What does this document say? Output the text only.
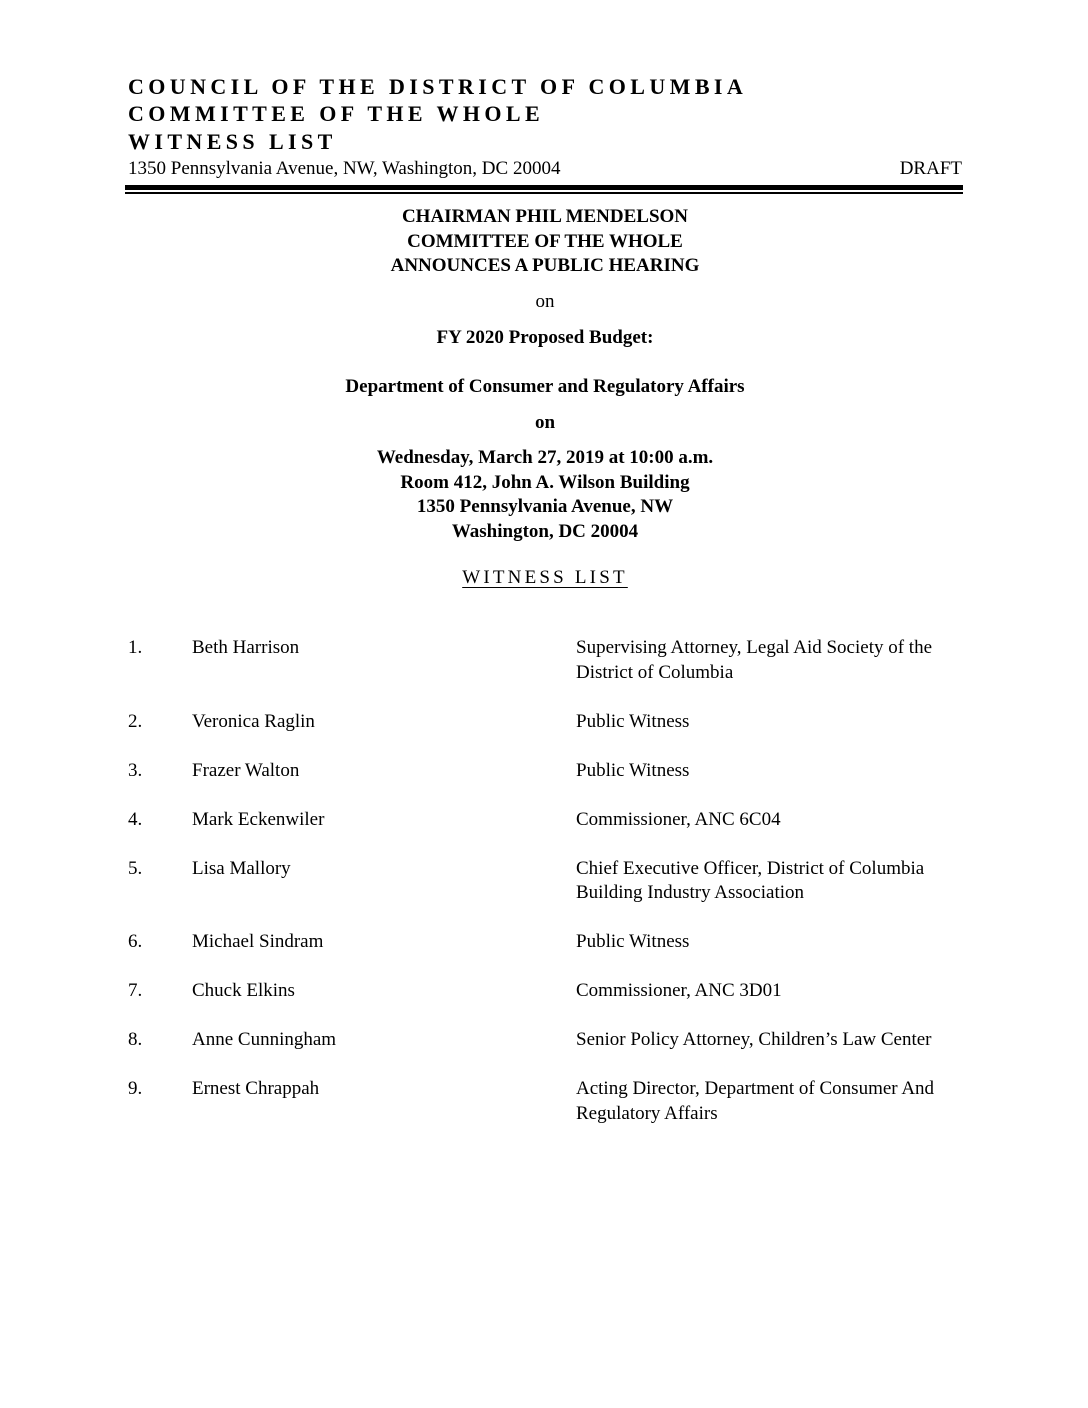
COUNCIL OF THE DISTRICT OF COLUMBIA
COMMITTEE OF THE WHOLE
WITNESS LIST
1350 Pennsylvania Avenue, NW, Washington, DC 20004	DRAFT
CHAIRMAN PHIL MENDELSON
COMMITTEE OF THE WHOLE
ANNOUNCES A PUBLIC HEARING
on
FY 2020 Proposed Budget:
Department of Consumer and Regulatory Affairs
on
Wednesday, March 27, 2019 at 10:00 a.m.
Room 412, John A. Wilson Building
1350 Pennsylvania Avenue, NW
Washington, DC 20004
WITNESS LIST
1.	Beth Harrison	Supervising Attorney, Legal Aid Society of the District of Columbia
2.	Veronica Raglin	Public Witness
3.	Frazer Walton	Public Witness
4.	Mark Eckenwiler	Commissioner, ANC 6C04
5.	Lisa Mallory	Chief Executive Officer, District of Columbia Building Industry Association
6.	Michael Sindram	Public Witness
7.	Chuck Elkins	Commissioner, ANC 3D01
8.	Anne Cunningham	Senior Policy Attorney, Children’s Law Center
9.	Ernest Chrappah	Acting Director, Department of Consumer And Regulatory Affairs
